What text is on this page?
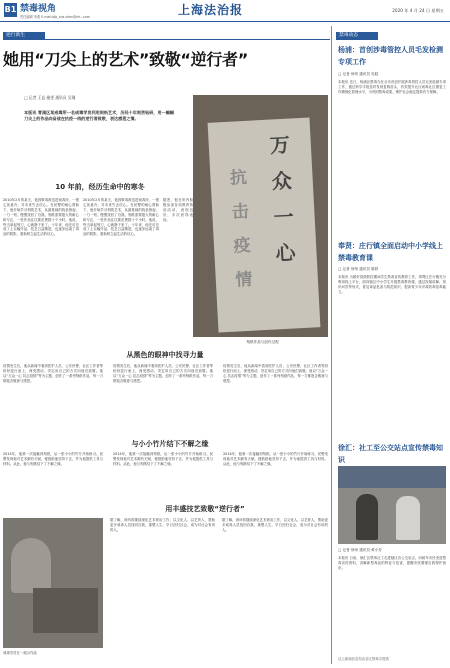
B1 禁毒视角
责任编辑 李燕 E-mail:bjb_xhs.shen@zfr...com	上海法治报	2020 年 4 月 24 日 星期五
逆行新生
她用“刀尖上的艺术”致敬“逆行者”
□ 记者 王益 施雯 通讯员 吴瑾
本版讯 青浦区某戒毒所一名戒毒学员利用刻纸艺术，历经十年刻苦钻研，用一幅幅刀尖上的作品向奋战在抗疫一线的逆行者致敬，表达感恩之情。
10 年前，经历生命中的寒冬
2010年2月的某天，他因吸毒被送进戒毒所，一度心灰意冷，对未来失去信心。在民警的耐心帮助下，他开始学习刻纸艺术，从最基础的线条练起，一刀一刻，慢慢找回了自我。刻纸需要极大的耐心和专注，一张作品往往要花费数十个小时。他说，每当拿起刻刀，心就静下来了。十年来，他先后完成了上百幅作品，技艺日益精进，也逐步远离了毒品的阴影，重新树立起生活的信心。
2010年2月的某天，他因吸毒被送进戒毒所，一度心灰意冷，对未来失去信心。在民警的耐心帮助下，他开始学习刻纸艺术，从最基础的线条练起，一刀一刻，慢慢找回了自我。刻纸需要极大的耐心和专注，一张作品往往要花费数十个小时。他说，每当拿起刻刀，心就静下来了。十年来，他先后完成了上百幅作品，技艺日益精进，也逐步远离了毒品的阴影，重新树立起生活的信心。
据悉，他在所内积极参加各项教育矫治活动，表现良好，多次获得表扬。
抗
击
疫
情
万
众
一
心
刻纸作品与创作过程
从黑色的眼神中找寻力量
疫情发生后，他从新闻中看到医护人员、公安民警、社区工作者等纷纷逆行而上，深受感动，决定用自己的方式向他们致敬。他以“万众一心 抗击疫情”等为主题，创作了一系列刻纸作品，每一刀都饱含敬意与感恩。
疫情发生后，他从新闻中看到医护人员、公安民警、社区工作者等纷纷逆行而上，深受感动，决定用自己的方式向他们致敬。他以“万众一心 抗击疫情”等为主题，创作了一系列刻纸作品，每一刀都饱含敬意与感恩。
疫情发生后，他从新闻中看到医护人员、公安民警、社区工作者等纷纷逆行而上，深受感动，决定用自己的方式向他们致敬。他以“万众一心 抗击疫情”等为主题，创作了一系列刻纸作品，每一刀都饱含敬意与感恩。
与小小竹片结下不解之缘
2014年，他第一次接触到刻纸，从一张小小的竹片开始练习。民警发现他对艺术颇有天赋，便鼓励他坚持下去，并为他提供工具与材料。从此，他与刻纸结下了不解之缘。
2014年，他第一次接触到刻纸，从一张小小的竹片开始练习。民警发现他对艺术颇有天赋，便鼓励他坚持下去，并为他提供工具与材料。从此，他与刻纸结下了不解之缘。
2014年，他第一次接触到刻纸，从一张小小的竹片开始练习。民警发现他对艺术颇有天赋，便鼓励他坚持下去，并为他提供工具与材料。从此，他与刻纸结下了不解之缘。
用丰盛技艺致敬“逆行者”
戒毒学员在一展示作品
据了解，该所将继续深化艺术矫治工作，以文化人、以艺育人，帮助更多戒毒人员找回自我、重塑人生，早日回归社会，成为对社会有用的人。
据了解，该所将继续深化艺术矫治工作，以文化人、以艺育人，帮助更多戒毒人员找回自我、重塑人生，早日回归社会，成为对社会有用的人。
禁毒动态
杨浦：首创涉毒管控人员毛发检测专项工作
□ 记者 徐荣 通讯员 吴皓
本报讯 近日，杨浦区禁毒办在全市首创开展涉毒管控人员毛发检测专项工作，通过科学手段及时发现复吸苗头，有效提升社区戒毒社区康复工作精细化管理水平，为巩固禁毒成果、维护社会稳定提供有力保障。
奉贤：庄行镇全面启动中小学线上禁毒教育课
□ 记者 徐荣 通讯员 陈婷
本报讯 为做好疫情防控期间学生禁毒宣传教育工作，奉贤区庄行镇充分利用线上平台，面向辖区中小学生开展禁毒教育课，通过视频讲解、知识问答等形式，普及毒品危害与防范知识，提高青少年识毒防毒拒毒能力。
徐汇：社工至公交站点宣传禁毒知识
□ 记者 徐荣 通讯员 黄小芳
本报讯 日前，徐汇区禁毒社工走进辖区各公交站点，向候车市民发放禁毒宣传资料，讲解新型毒品的特征与危害，提醒市民增强自我保护意识。
以上新闻信息均由各区禁毒办提供
